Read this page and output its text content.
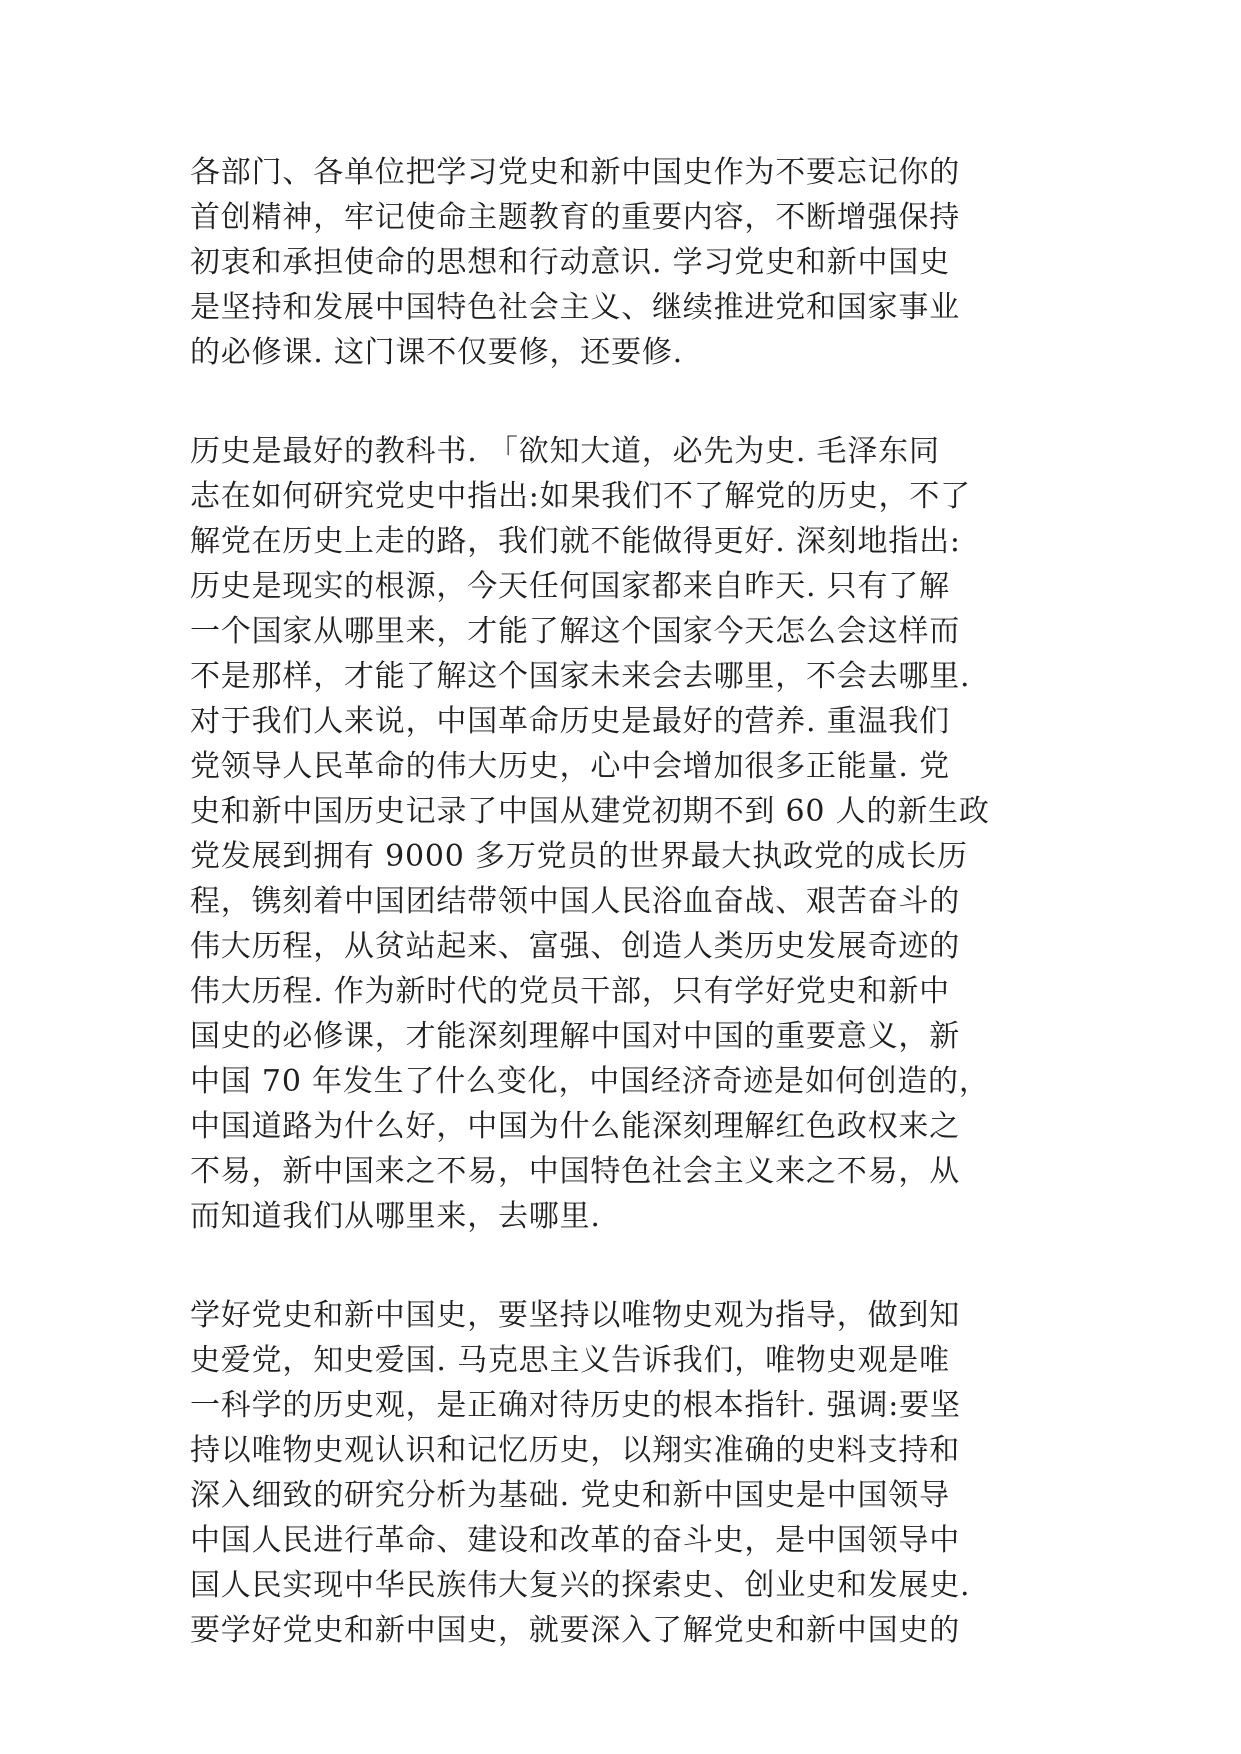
各部门、各单位把学习党史和新中国史作为不要忘记你的
首创精神，牢记使命主题教育的重要内容，不断增强保持
初衷和承担使命的思想和行动意识. 学习党史和新中国史
是坚持和发展中国特色社会主义、继续推进党和国家事业
的必修课. 这门课不仅要修，还要修.

历史是最好的教科书. 「欲知大道，必先为史. 毛泽东同
志在如何研究党史中指出:如果我们不了解党的历史，不了
解党在历史上走的路，我们就不能做得更好. 深刻地指出:
历史是现实的根源，今天任何国家都来自昨天. 只有了解
一个国家从哪里来，才能了解这个国家今天怎么会这样而
不是那样，才能了解这个国家未来会去哪里，不会去哪里.
对于我们人来说，中国革命历史是最好的营养. 重温我们
党领导人民革命的伟大历史，心中会增加很多正能量. 党
史和新中国历史记录了中国从建党初期不到 60 人的新生政
党发展到拥有 9000 多万党员的世界最大执政党的成长历
程，镌刻着中国团结带领中国人民浴血奋战、艰苦奋斗的
伟大历程，从贫站起来、富强、创造人类历史发展奇迹的
伟大历程. 作为新时代的党员干部，只有学好党史和新中
国史的必修课，才能深刻理解中国对中国的重要意义，新
中国 70 年发生了什么变化，中国经济奇迹是如何创造的，
中国道路为什么好，中国为什么能深刻理解红色政权来之
不易，新中国来之不易，中国特色社会主义来之不易，从
而知道我们从哪里来，去哪里.

学好党史和新中国史，要坚持以唯物史观为指导，做到知
史爱党，知史爱国. 马克思主义告诉我们，唯物史观是唯
一科学的历史观，是正确对待历史的根本指针. 强调:要坚
持以唯物史观认识和记忆历史，以翔实准确的史料支持和
深入细致的研究分析为基础. 党史和新中国史是中国领导
中国人民进行革命、建设和改革的奋斗史，是中国领导中
国人民实现中华民族伟大复兴的探索史、创业史和发展史.
要学好党史和新中国史，就要深入了解党史和新中国史的
